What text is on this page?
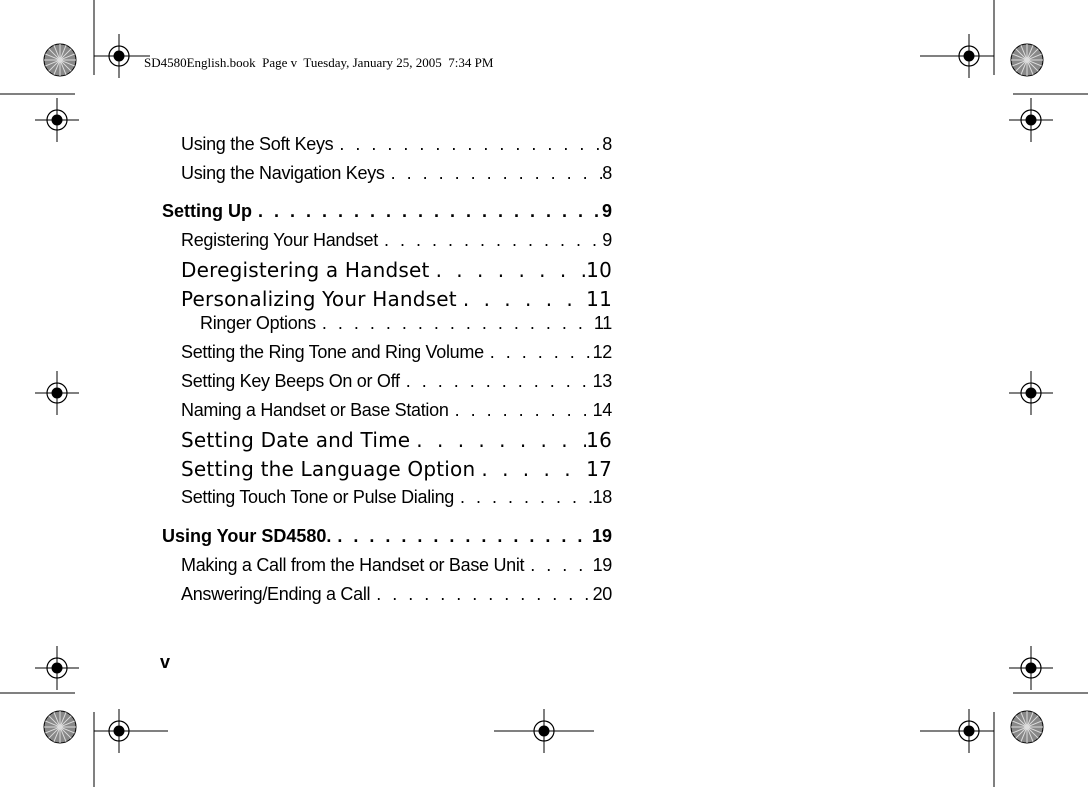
SD4580English.book  Page v  Tuesday, January 25, 2005  7:34 PM
Using the Soft Keys . . .	8
Using the Navigation Keys . . .	8
Setting Up . . .	9
Registering Your Handset . . .	9
Deregistering a Handset . . .	10
Personalizing Your Handset . . .	11
Ringer Options . . .	11
Setting the Ring Tone and Ring Volume . . .	12
Setting Key Beeps On or Off . . .	13
Naming a Handset or Base Station . . .	14
Setting Date and Time . . .	16
Setting the Language Option . . .	17
Setting Touch Tone or Pulse Dialing . . .	18
Using Your SD4580. . . .	19
Making a Call from the Handset or Base Unit . . .	19
Answering/Ending a Call . . .	20
v
